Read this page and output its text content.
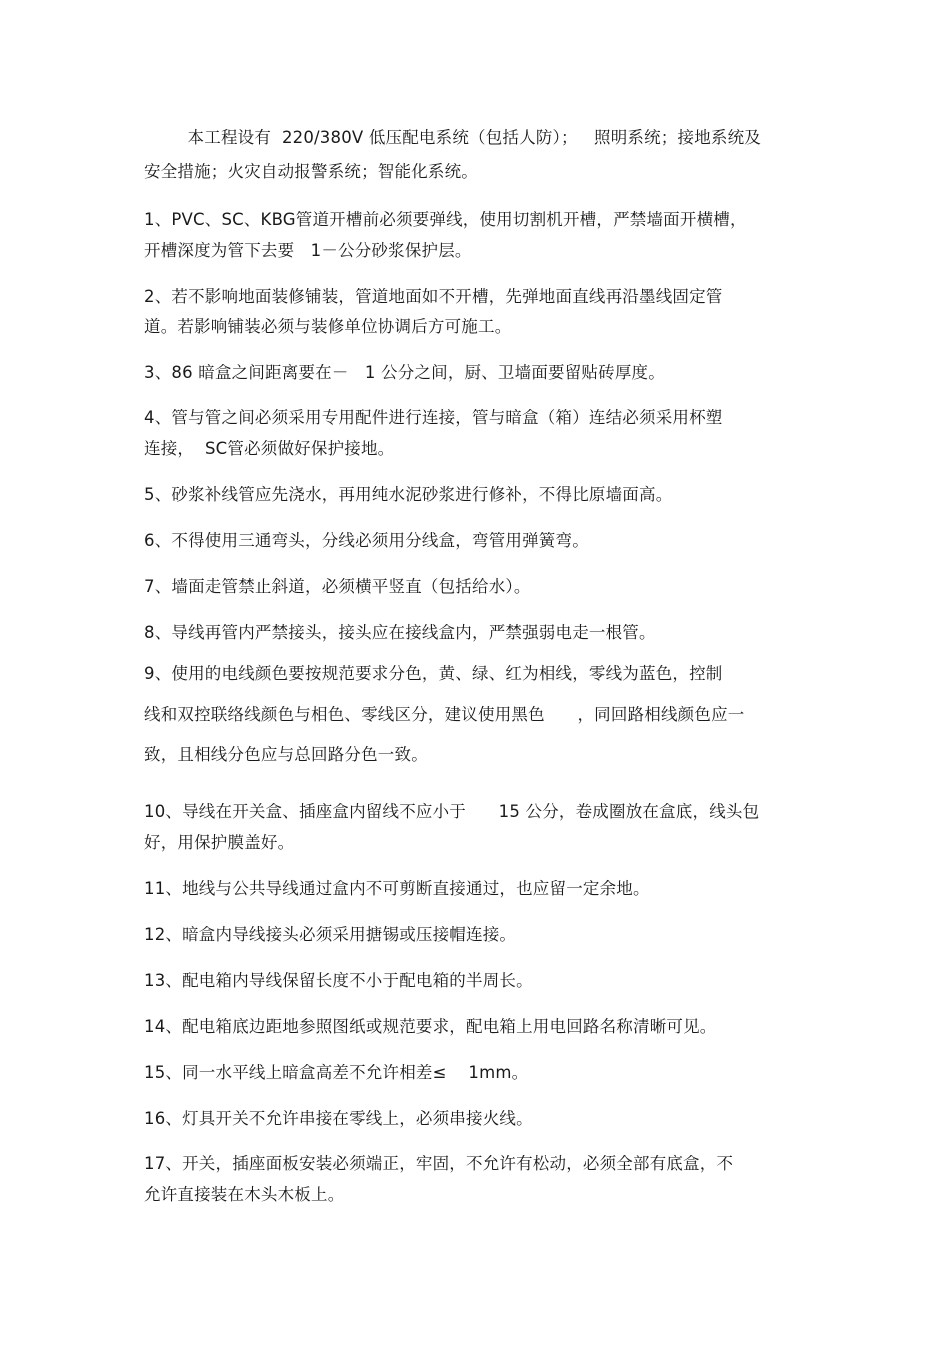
本工程设有  220/380V 低压配电系统（包括人防）；   照明系统；接地系统及
安全措施；火灾自动报警系统；智能化系统。
1、PVC、SC、KBG管道开槽前必须要弹线，使用切割机开槽，严禁墙面开横槽，
开槽深度为管下去要   1－公分砂浆保护层。
2、若不影响地面装修铺装，管道地面如不开槽，先弹地面直线再沿墨线固定管
道。若影响铺装必须与装修单位协调后方可施工。
3、86 暗盒之间距离要在－   1 公分之间，厨、卫墙面要留贴砖厚度。
4、管与管之间必须采用专用配件进行连接，管与暗盒（箱）连结必须采用杯塑
连接，  SC管必须做好保护接地。
5、砂浆补线管应先浇水，再用纯水泥砂浆进行修补，不得比原墙面高。
6、不得使用三通弯头，分线必须用分线盒，弯管用弹簧弯。
7、墙面走管禁止斜道，必须横平竖直（包括给水）。
8、导线再管内严禁接头，接头应在接线盒内，严禁强弱电走一根管。
9、使用的电线颜色要按规范要求分色，黄、绿、红为相线，零线为蓝色，控制
线和双控联络线颜色与相色、零线区分，建议使用黑色      ，同回路相线颜色应一
致，且相线分色应与总回路分色一致。
10、导线在开关盒、插座盒内留线不应小于      15 公分，卷成圈放在盒底，线头包
好，用保护膜盖好。
11、地线与公共导线通过盒内不可剪断直接通过，也应留一定余地。
12、暗盒内导线接头必须采用搪锡或压接帽连接。
13、配电箱内导线保留长度不小于配电箱的半周长。
14、配电箱底边距地参照图纸或规范要求，配电箱上用电回路名称清晰可见。
15、同一水平线上暗盒高差不允许相差≤    1mm。
16、灯具开关不允许串接在零线上，必须串接火线。
17、开关，插座面板安装必须端正，牢固，不允许有松动，必须全部有底盒，不
允许直接装在木头木板上。
